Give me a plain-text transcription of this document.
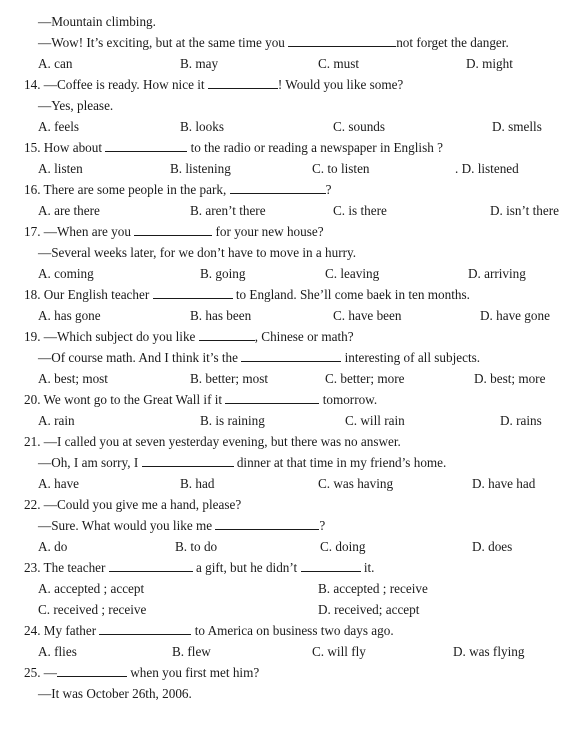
—Mountain climbing.
—Wow! It’s exciting, but at the same time you	not forget the danger.
A. can	B. may	C. must	D. might
14. —Coffee is ready. How nice it	! Would you like some?
—Yes, please.
A. feels	B. looks	C. sounds	D. smells
15. How about	to the radio or reading a newspaper in English ?
A. listen	B. listening	C. to listen	. D. listened
16. There are some people in the park,	?
A. are there	B. aren’t there	C. is there	D. isn’t there
17. —When are you	for your new house?
—Several weeks later, for we don’t have to move in a hurry.
A. coming	B. going	C. leaving	D. arriving
18. Our English teacher	to England. She’ll come baek in ten months.
A. has gone	B. has been	C. have been	D. have gone
19. —Which subject do you like	, Chinese or math?
—Of course math. And I think it’s the	interesting of all subjects.
A. best; most	B. better; most	C. better; more	D. best; more
20. We wont go to the Great Wall if it	tomorrow.
A. rain	B. is raining	C. will rain	D. rains
21. —I called you at seven yesterday evening, but there was no answer.
—Oh, I am sorry, I	dinner at that time in my friend’s home.
A. have	B. had	C. was having	D. have had
22. —Could you give me a hand, please?
—Sure. What would you like me	?
A. do	B. to do	C. doing	D. does
23. The teacher	a gift, but he didn’t	it.
A. accepted ; accept	B. accepted ; receive
C. received ; receive	D. received; accept
24. My father	to America on business two days ago.
A. flies	B. flew	C. will fly	D. was flying
25. —	when you first met him?
—It was October 26th, 2006.
